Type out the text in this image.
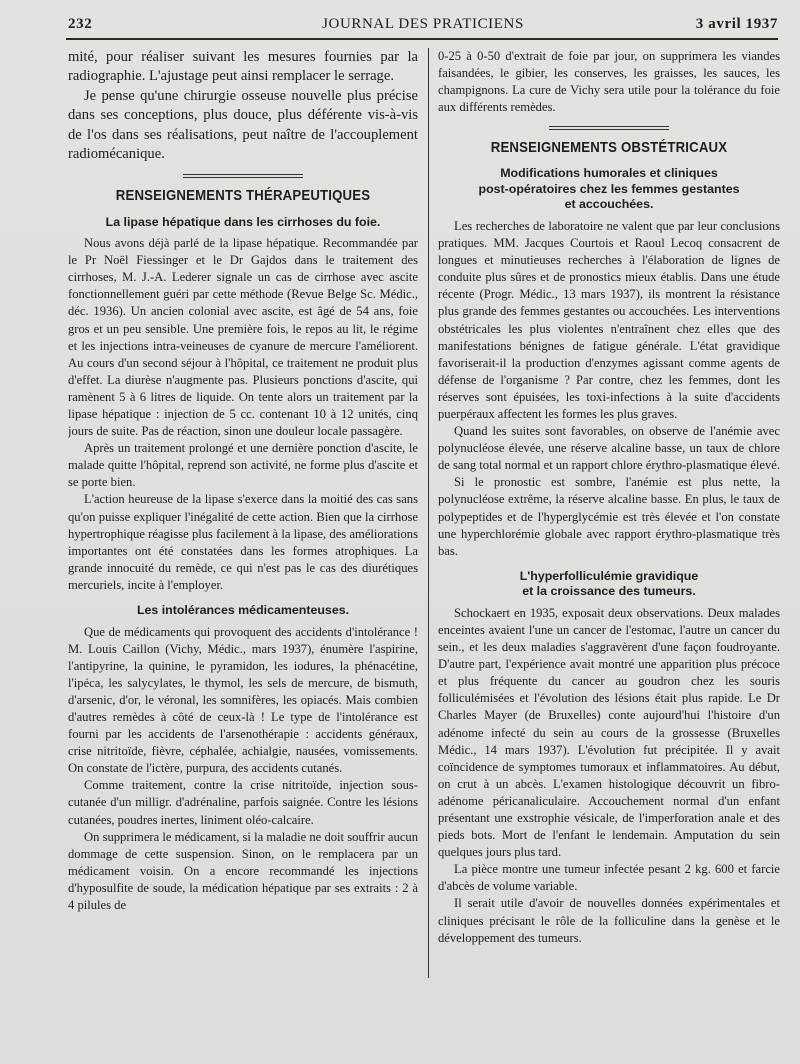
232	JOURNAL DES PRATICIENS	3 avril 1937

mité, pour réaliser suivant les mesures fournies par la radiographie. L'ajustage peut ainsi remplacer le serrage.

Je pense qu'une chirurgie osseuse nouvelle plus précise dans ses conceptions, plus douce, plus déférente vis-à-vis de l'os dans ses réalisations, peut naître de l'accouplement radiomécanique.

RENSEIGNEMENTS THÉRAPEUTIQUES
La lipase hépatique dans les cirrhoses du foie.

Nous avons déjà parlé de la lipase hépatique. Recommandée par le Pr Noël Fiessinger et le Dr Gajdos dans le traitement des cirrhoses, M. J.-A. Lederer signale un cas de cirrhose avec ascite fonctionnellement guéri par cette méthode (Revue Belge Sc. Médic., déc. 1936). Un ancien colonial avec ascite, est âgé de 54 ans, foie gros et un peu sensible. Une première fois, le repos au lit, le régime et les injections intra-veineuses de cyanure de mercure l'améliorent. Au cours d'un second séjour à l'hôpital, ce traitement ne produit plus d'effet. La diurèse n'augmente pas. Plusieurs ponctions d'ascite, qui ramènent 5 à 6 litres de liquide. On tente alors un traitement par la lipase hépatique : injection de 5 cc. contenant 10 à 12 unités, cinq jours de suite. Pas de réaction, sinon une douleur locale passagère.

Après un traitement prolongé et une dernière ponction d'ascite, le malade quitte l'hôpital, reprend son activité, ne forme plus d'ascite et se porte bien.

L'action heureuse de la lipase s'exerce dans la moitié des cas sans qu'on puisse expliquer l'inégalité de cette action. Bien que la cirrhose hypertrophique réagisse plus facilement à la lipase, des améliorations importantes ont été constatées dans les formes atrophiques. La grande innocuité du remède, ce qui n'est pas le cas des diurétiques mercuriels, incite à l'employer.

Les intolérances médicamenteuses.

Que de médicaments qui provoquent des accidents d'intolérance ! M. Louis Caillon (Vichy, Médic., mars 1937), énumère l'aspirine, l'antipyrine, la quinine, le pyramidon, les iodures, la phénacétine, l'ipéca, les salycylates, le thymol, les sels de mercure, de bismuth, d'arsenic, d'or, le véronal, les somnifères, les opiacés. Mais combien d'autres remèdes à côté de ceux-là ! Le type de l'intolérance est fourni par les accidents de l'arsenothérapie : accidents généraux, crise nitritoïde, fièvre, céphalée, achialgie, nausées, vomissements. On constate de l'ictère, purpura, des accidents cutanés.

Comme traitement, contre la crise nitritoïde, injection sous-cutanée d'un milligr. d'adrénaline, parfois saignée. Contre les lésions cutanées, poudres inertes, liniment oléo-calcaire.

On supprimera le médicament, si la maladie ne doit souffrir aucun dommage de cette suspension. Sinon, on le remplacera par un médicament voisin. On a encore recommandé les injections d'hyposulfite de soude, la médication hépatique par ses extraits : 2 à 4 pilules de

0-25 à 0-50 d'extrait de foie par jour, on supprimera les viandes faisandées, le gibier, les conserves, les graisses, les sauces, les champignons. La cure de Vichy sera utile pour la tolérance du foie aux différents remèdes.

RENSEIGNEMENTS OBSTÉTRICAUX
Modifications humorales et cliniques
post-opératoires chez les femmes gestantes
et accouchées.

Les recherches de laboratoire ne valent que par leur conclusions pratiques. MM. Jacques Courtois et Raoul Lecoq consacrent de longues et minutieuses recherches à l'élaboration de lignes de conduite plus sûres et de pronostics mieux établis. Dans une étude récente (Progr. Médic., 13 mars 1937), ils montrent la résistance plus grande des femmes gestantes ou accouchées. Les interventions obstétricales les plus violentes n'entraînent chez elles que des manifestations bénignes de fatigue générale. L'état gravidique favoriserait-il la production d'enzymes agissant comme agents de défense de l'organisme ? Par contre, chez les femmes, dont les réserves sont épuisées, les toxi-infections à la suite d'accidents puerpéraux affectent les formes les plus graves.

Quand les suites sont favorables, on observe de l'anémie avec polynucléose élevée, une réserve alcaline basse, un taux de chlore de sang total normal et un rapport chlore érythro-plasmatique élevé.

Si le pronostic est sombre, l'anémie est plus nette, la polynucléose extrême, la réserve alcaline basse. En plus, le taux de polypeptides et de l'hyperglycémie est très élevée et l'on constate une hyperchlorémie globale avec rapport érythro-plasmatique très bas.

L'hyperfolliculémie gravidique
et la croissance des tumeurs.

Schockaert en 1935, exposait deux observations. Deux malades enceintes avaient l'une un cancer de l'estomac, l'autre un cancer du sein., et les deux maladies s'aggravèrent d'une façon foudroyante. D'autre part, l'expérience avait montré une apparition plus précoce et plus fréquente du cancer au goudron chez les souris folliculémisées et l'évolution des lésions était plus rapide. Le Dr Charles Mayer (de Bruxelles) conte aujourd'hui l'histoire d'un adénome infecté du sein au cours de la grossesse (Bruxelles Médic., 14 mars 1937). L'évolution fut précipitée. Il y avait coïncidence de symptomes tumoraux et inflammatoires. Au début, on crut à un abcès. L'examen histologique découvrit un fibro-adénome péricanaliculaire. Accouchement normal d'un enfant présentant une exstrophie vésicale, de l'imperforation anale et des pieds bots. Mort de l'enfant le lendemain. Amputation du sein quelques jours plus tard.

La pièce montre une tumeur infectée pesant 2 kg. 600 et farcie d'abcès de volume variable.

Il serait utile d'avoir de nouvelles données expérimentales et cliniques précisant le rôle de la folliculine dans la genèse et le développement des tumeurs.
